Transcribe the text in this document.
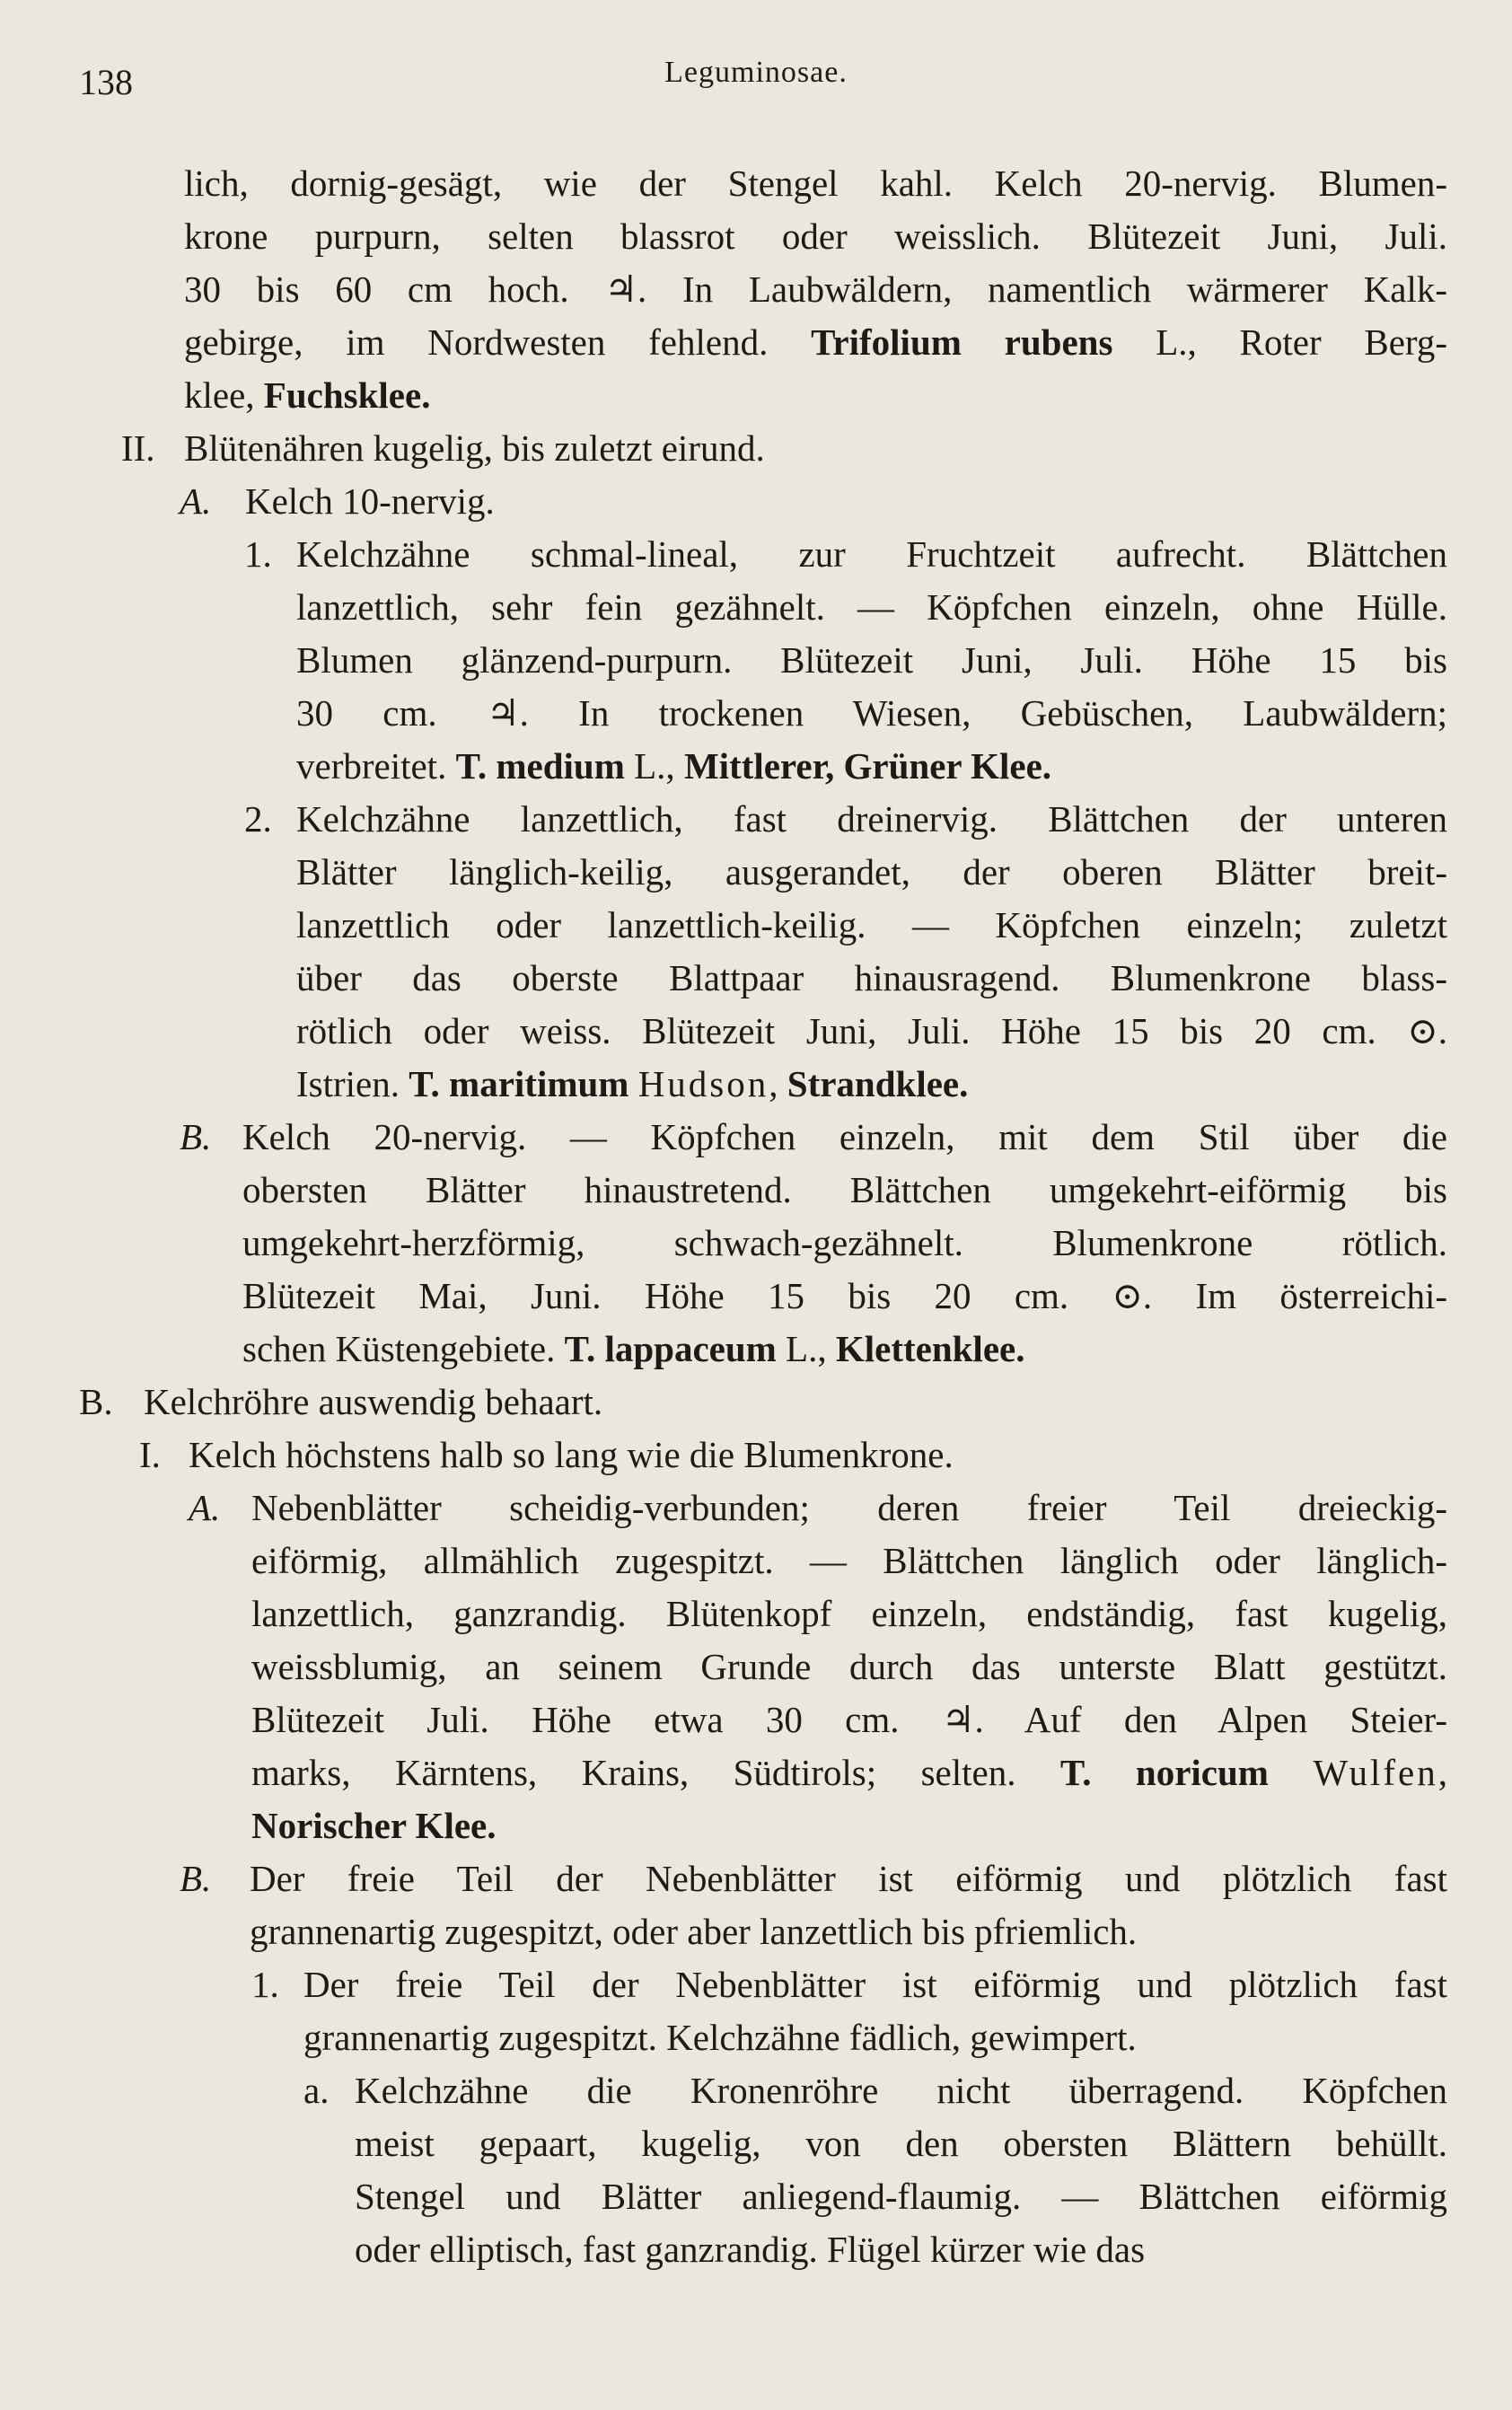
138	Leguminosae.
lich, dornig-gesägt, wie der Stengel kahl. Kelch 20-nervig. Blumen-
krone purpurn, selten blassrot oder weisslich. Blütezeit Juni, Juli.
30 bis 60 cm hoch. ♃. In Laubwäldern, namentlich wärmerer Kalk-
gebirge, im Nordwesten fehlend. Trifolium rubens L., Roter Berg-
klee, Fuchsklee.
II. Blütenähren kugelig, bis zuletzt eirund.
A. Kelch 10-nervig.
1. Kelchzähne schmal-lineal, zur Fruchtzeit aufrecht. Blättchen
lanzettlich, sehr fein gezähnelt. — Köpfchen einzeln, ohne Hülle.
Blumen glänzend-purpurn. Blütezeit Juni, Juli. Höhe 15 bis
30 cm. ♃. In trockenen Wiesen, Gebüschen, Laubwäldern;
verbreitet. T. medium L., Mittlerer, Grüner Klee.
2. Kelchzähne lanzettlich, fast dreinervig. Blättchen der unteren
Blätter länglich-keilig, ausgerandet, der oberen Blätter breit-
lanzettlich oder lanzettlich-keilig. — Köpfchen einzeln; zuletzt
über das oberste Blattpaar hinausragend. Blumenkrone blass-
rötlich oder weiss. Blütezeit Juni, Juli. Höhe 15 bis 20 cm. ⊙.
Istrien. T. maritimum Hudson, Strandklee.
B. Kelch 20-nervig. — Köpfchen einzeln, mit dem Stil über die
obersten Blätter hinaustretend. Blättchen umgekehrt-eiförmig bis
umgekehrt-herzförmig, schwach-gezähnelt. Blumenkrone rötlich.
Blütezeit Mai, Juni. Höhe 15 bis 20 cm. ⊙. Im österreichi-
schen Küstengebiete. T. lappaceum L., Klettenklee.
B. Kelchröhre auswendig behaart.
I. Kelch höchstens halb so lang wie die Blumenkrone.
A. Nebenblätter scheidig-verbunden; deren freier Teil dreieckig-
eiförmig, allmählich zugespitzt. — Blättchen länglich oder länglich-
lanzettlich, ganzrandig. Blütenkopf einzeln, endständig, fast kugelig,
weissblumig, an seinem Grunde durch das unterste Blatt gestützt.
Blütezeit Juli. Höhe etwa 30 cm. ♃. Auf den Alpen Steier-
marks, Kärntens, Krains, Südtirols; selten. T. noricum Wulfen,
Norischer Klee.
B. Der freie Teil der Nebenblätter ist eiförmig und plötzlich fast
grannenartig zugespitzt, oder aber lanzettlich bis pfriemlich.
1. Der freie Teil der Nebenblätter ist eiförmig und plötzlich fast
grannenartig zugespitzt. Kelchzähne fädlich, gewimpert.
a. Kelchzähne die Kronenröhre nicht überragend. Köpfchen
meist gepaart, kugelig, von den obersten Blättern behüllt.
Stengel und Blätter anliegend-flaumig. — Blättchen eiförmig
oder elliptisch, fast ganzrandig. Flügel kürzer wie das
